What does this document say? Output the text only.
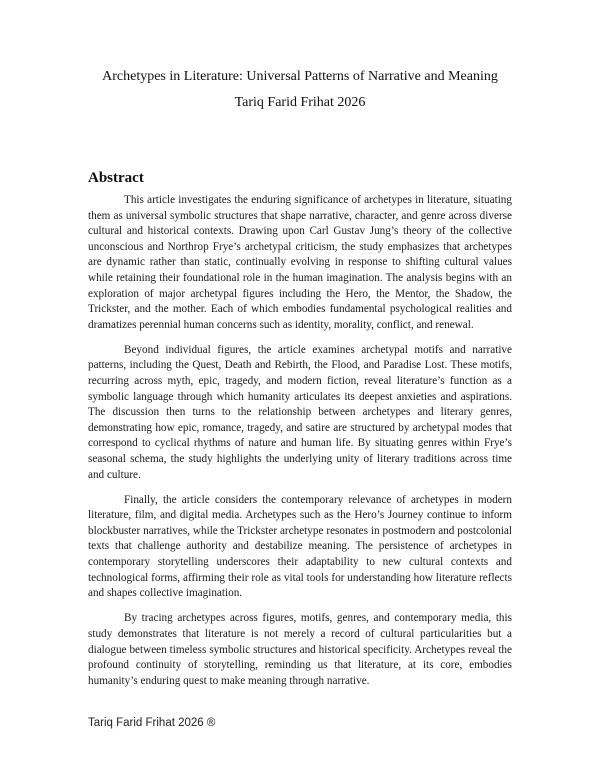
Archetypes in Literature: Universal Patterns of Narrative and Meaning
Tariq Farid Frihat 2026
Abstract

This article investigates the enduring significance of archetypes in literature, situating them as universal symbolic structures that shape narrative, character, and genre across diverse cultural and historical contexts. Drawing upon Carl Gustav Jung’s theory of the collective unconscious and Northrop Frye’s archetypal criticism, the study emphasizes that archetypes are dynamic rather than static, continually evolving in response to shifting cultural values while retaining their foundational role in the human imagination. The analysis begins with an exploration of major archetypal figures including the Hero, the Mentor, the Shadow, the Trickster, and the mother. Each of which embodies fundamental psychological realities and dramatizes perennial human concerns such as identity, morality, conflict, and renewal.

Beyond individual figures, the article examines archetypal motifs and narrative patterns, including the Quest, Death and Rebirth, the Flood, and Paradise Lost. These motifs, recurring across myth, epic, tragedy, and modern fiction, reveal literature’s function as a symbolic language through which humanity articulates its deepest anxieties and aspirations. The discussion then turns to the relationship between archetypes and literary genres, demonstrating how epic, romance, tragedy, and satire are structured by archetypal modes that correspond to cyclical rhythms of nature and human life. By situating genres within Frye’s seasonal schema, the study highlights the underlying unity of literary traditions across time and culture.

Finally, the article considers the contemporary relevance of archetypes in modern literature, film, and digital media. Archetypes such as the Hero’s Journey continue to inform blockbuster narratives, while the Trickster archetype resonates in postmodern and postcolonial texts that challenge authority and destabilize meaning. The persistence of archetypes in contemporary storytelling underscores their adaptability to new cultural contexts and technological forms, affirming their role as vital tools for understanding how literature reflects and shapes collective imagination.

By tracing archetypes across figures, motifs, genres, and contemporary media, this study demonstrates that literature is not merely a record of cultural particularities but a dialogue between timeless symbolic structures and historical specificity. Archetypes reveal the profound continuity of storytelling, reminding us that literature, at its core, embodies humanity’s enduring quest to make meaning through narrative.

Tariq Farid Frihat 2026 ®
